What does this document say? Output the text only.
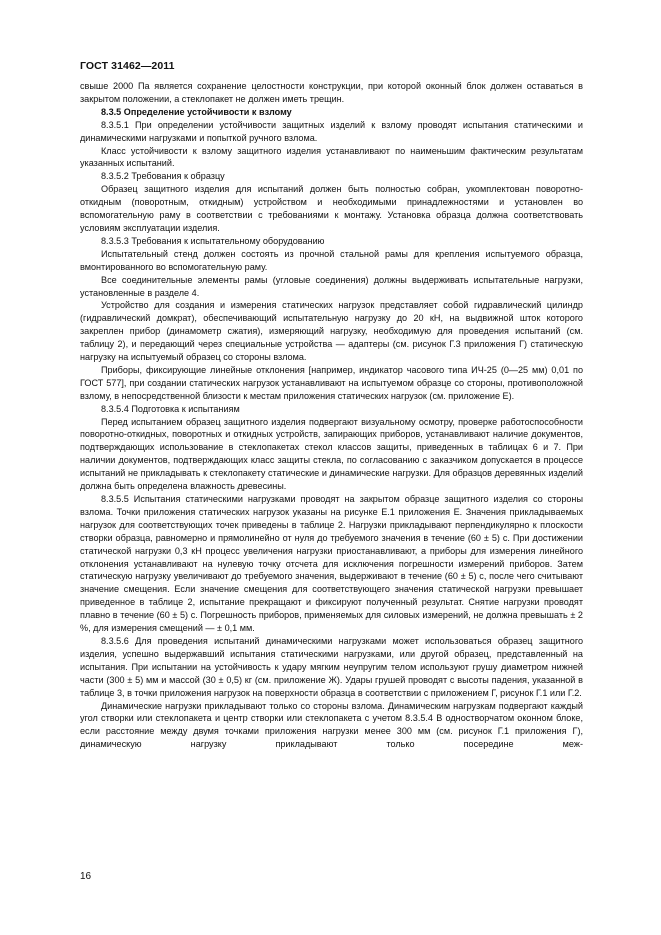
ГОСТ 31462—2011

свыше 2000 Па является сохранение целостности конструкции, при которой оконный блок должен оставаться в закрытом положении, а стеклопакет не должен иметь трещин.

8.3.5 Определение устойчивости к взлому

8.3.5.1 При определении устойчивости защитных изделий к взлому проводят испытания статическими и динамическими нагрузками и попыткой ручного взлома.

Класс устойчивости к взлому защитного изделия устанавливают по наименьшим фактическим результатам указанных испытаний.

8.3.5.2 Требования к образцу

Образец защитного изделия для испытаний должен быть полностью собран, укомплектован поворотно-откидным (поворотным, откидным) устройством и необходимыми принадлежностями и установлен во вспомогательную раму в соответствии с требованиями к монтажу. Установка образца должна соответствовать условиям эксплуатации изделия.

8.3.5.3 Требования к испытательному оборудованию

Испытательный стенд должен состоять из прочной стальной рамы для крепления испытуемого образца, вмонтированного во вспомогательную раму.

Все соединительные элементы рамы (угловые соединения) должны выдерживать испытательные нагрузки, установленные в разделе 4.

Устройство для создания и измерения статических нагрузок представляет собой гидравлический цилиндр (гидравлический домкрат), обеспечивающий испытательную нагрузку до 20 кН, на выдвижной шток которого закреплен прибор (динамометр сжатия), измеряющий нагрузку, необходимую для проведения испытаний (см. таблицу 2), и передающий через специальные устройства — адаптеры (см. рисунок Г.3 приложения Г) статическую нагрузку на испытуемый образец со стороны взлома.

Приборы, фиксирующие линейные отклонения [например, индикатор часового типа ИЧ-25 (0—25 мм) 0,01 по ГОСТ 577], при создании статических нагрузок устанавливают на испытуемом образце со стороны, противоположной взлому, в непосредственной близости к местам приложения статических нагрузок (см. приложение Е).

8.3.5.4 Подготовка к испытаниям

Перед испытанием образец защитного изделия подвергают визуальному осмотру, проверке работоспособности поворотно-откидных, поворотных и откидных устройств, запирающих приборов, устанавливают наличие документов, подтверждающих использование в стеклопакетах стекол классов защиты, приведенных в таблицах 6 и 7. При наличии документов, подтверждающих класс защиты стекла, по согласованию с заказчиком допускается в процессе испытаний не прикладывать к стеклопакету статические и динамические нагрузки. Для образцов деревянных изделий должна быть определена влажность древесины.

8.3.5.5 Испытания статическими нагрузками проводят на закрытом образце защитного изделия со стороны взлома. Точки приложения статических нагрузок указаны на рисунке Е.1 приложения Е. Значения прикладываемых нагрузок для соответствующих точек приведены в таблице 2. Нагрузки прикладывают перпендикулярно к плоскости створки образца, равномерно и прямолинейно от нуля до требуемого значения в течение (60 ± 5) с. При достижении статической нагрузки 0,3 кН процесс увеличения нагрузки приостанавливают, а приборы для измерения линейного отклонения устанавливают на нулевую точку отсчета для исключения погрешности измерений приборов. Затем статическую нагрузку увеличивают до требуемого значения, выдерживают в течение (60 ± 5) с, после чего считывают значение смещения. Если значение смещения для соответствующего значения статической нагрузки превышает приведенное в таблице 2, испытание прекращают и фиксируют полученный результат. Снятие нагрузки проводят плавно в течение (60 ± 5) с. Погрешность приборов, применяемых для силовых измерений, не должна превышать ± 2 %, для измерения смещений — ± 0,1 мм.

8.3.5.6 Для проведения испытаний динамическими нагрузками может использоваться образец защитного изделия, успешно выдержавший испытания статическими нагрузками, или другой образец, представленный на испытания. При испытании на устойчивость к удару мягким неупругим телом используют грушу диаметром нижней части (300 ± 5) мм и массой (30 ± 0,5) кг (см. приложение Ж). Удары грушей проводят с высоты падения, указанной в таблице 3, в точки приложения нагрузок на поверхности образца в соответствии с приложением Г, рисунок Г.1 или Г.2.

Динамические нагрузки прикладывают только со стороны взлома. Динамическим нагрузкам подвергают каждый угол створки или стеклопакета и центр створки или стеклопакета с учетом 8.3.5.4 В одностворчатом оконном блоке, если расстояние между двумя точками приложения нагрузки менее 300 мм (см. рисунок Г.1 приложения Г), динамическую нагрузку прикладывают только посередине меж-

16
